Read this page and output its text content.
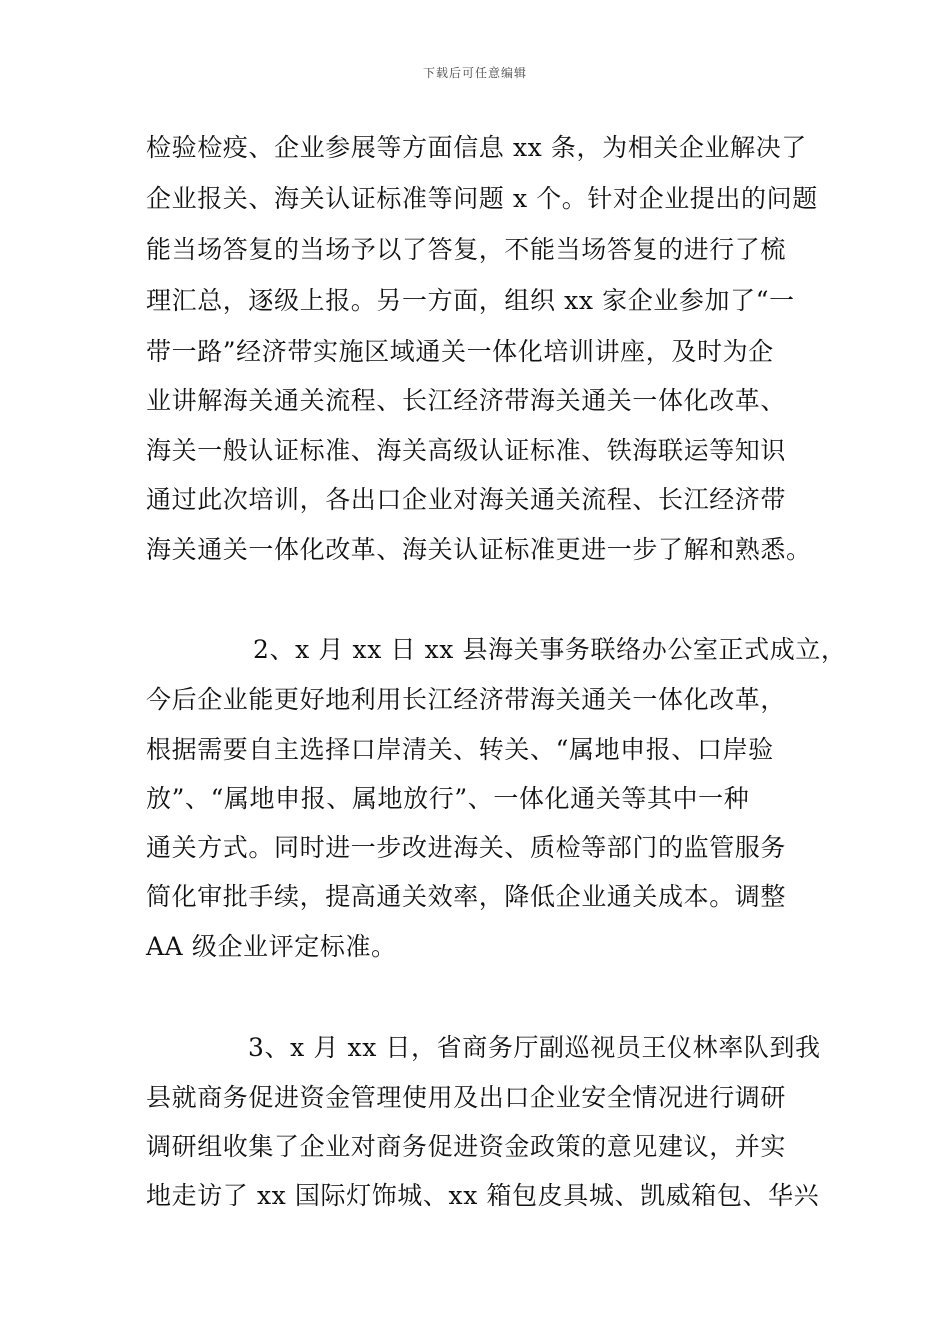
下载后可任意编辑
检验检疫、企业参展等方面信息 xx 条，为相关企业解决了
企业报关、海关认证标准等问题 x 个。针对企业提出的问题
能当场答复的当场予以了答复，不能当场答复的进行了梳
理汇总，逐级上报。另一方面，组织 xx 家企业参加了“一
带一路”经济带实施区域通关一体化培训讲座，及时为企
业讲解海关通关流程、长江经济带海关通关一体化改革、
海关一般认证标准、海关高级认证标准、铁海联运等知识
通过此次培训，各出口企业对海关通关流程、长江经济带
海关通关一体化改革、海关认证标准更进一步了解和熟悉。
2、x 月 xx 日 xx 县海关事务联络办公室正式成立，
今后企业能更好地利用长江经济带海关通关一体化改革，
根据需要自主选择口岸清关、转关、“属地申报、口岸验
放”、“属地申报、属地放行”、一体化通关等其中一种
通关方式。同时进一步改进海关、质检等部门的监管服务
简化审批手续，提高通关效率，降低企业通关成本。调整
AA 级企业评定标准。
3、x 月 xx 日，省商务厅副巡视员王仪林率队到我
县就商务促进资金管理使用及出口企业安全情况进行调研
调研组收集了企业对商务促进资金政策的意见建议，并实
地走访了 xx 国际灯饰城、xx 箱包皮具城、凯威箱包、华兴
